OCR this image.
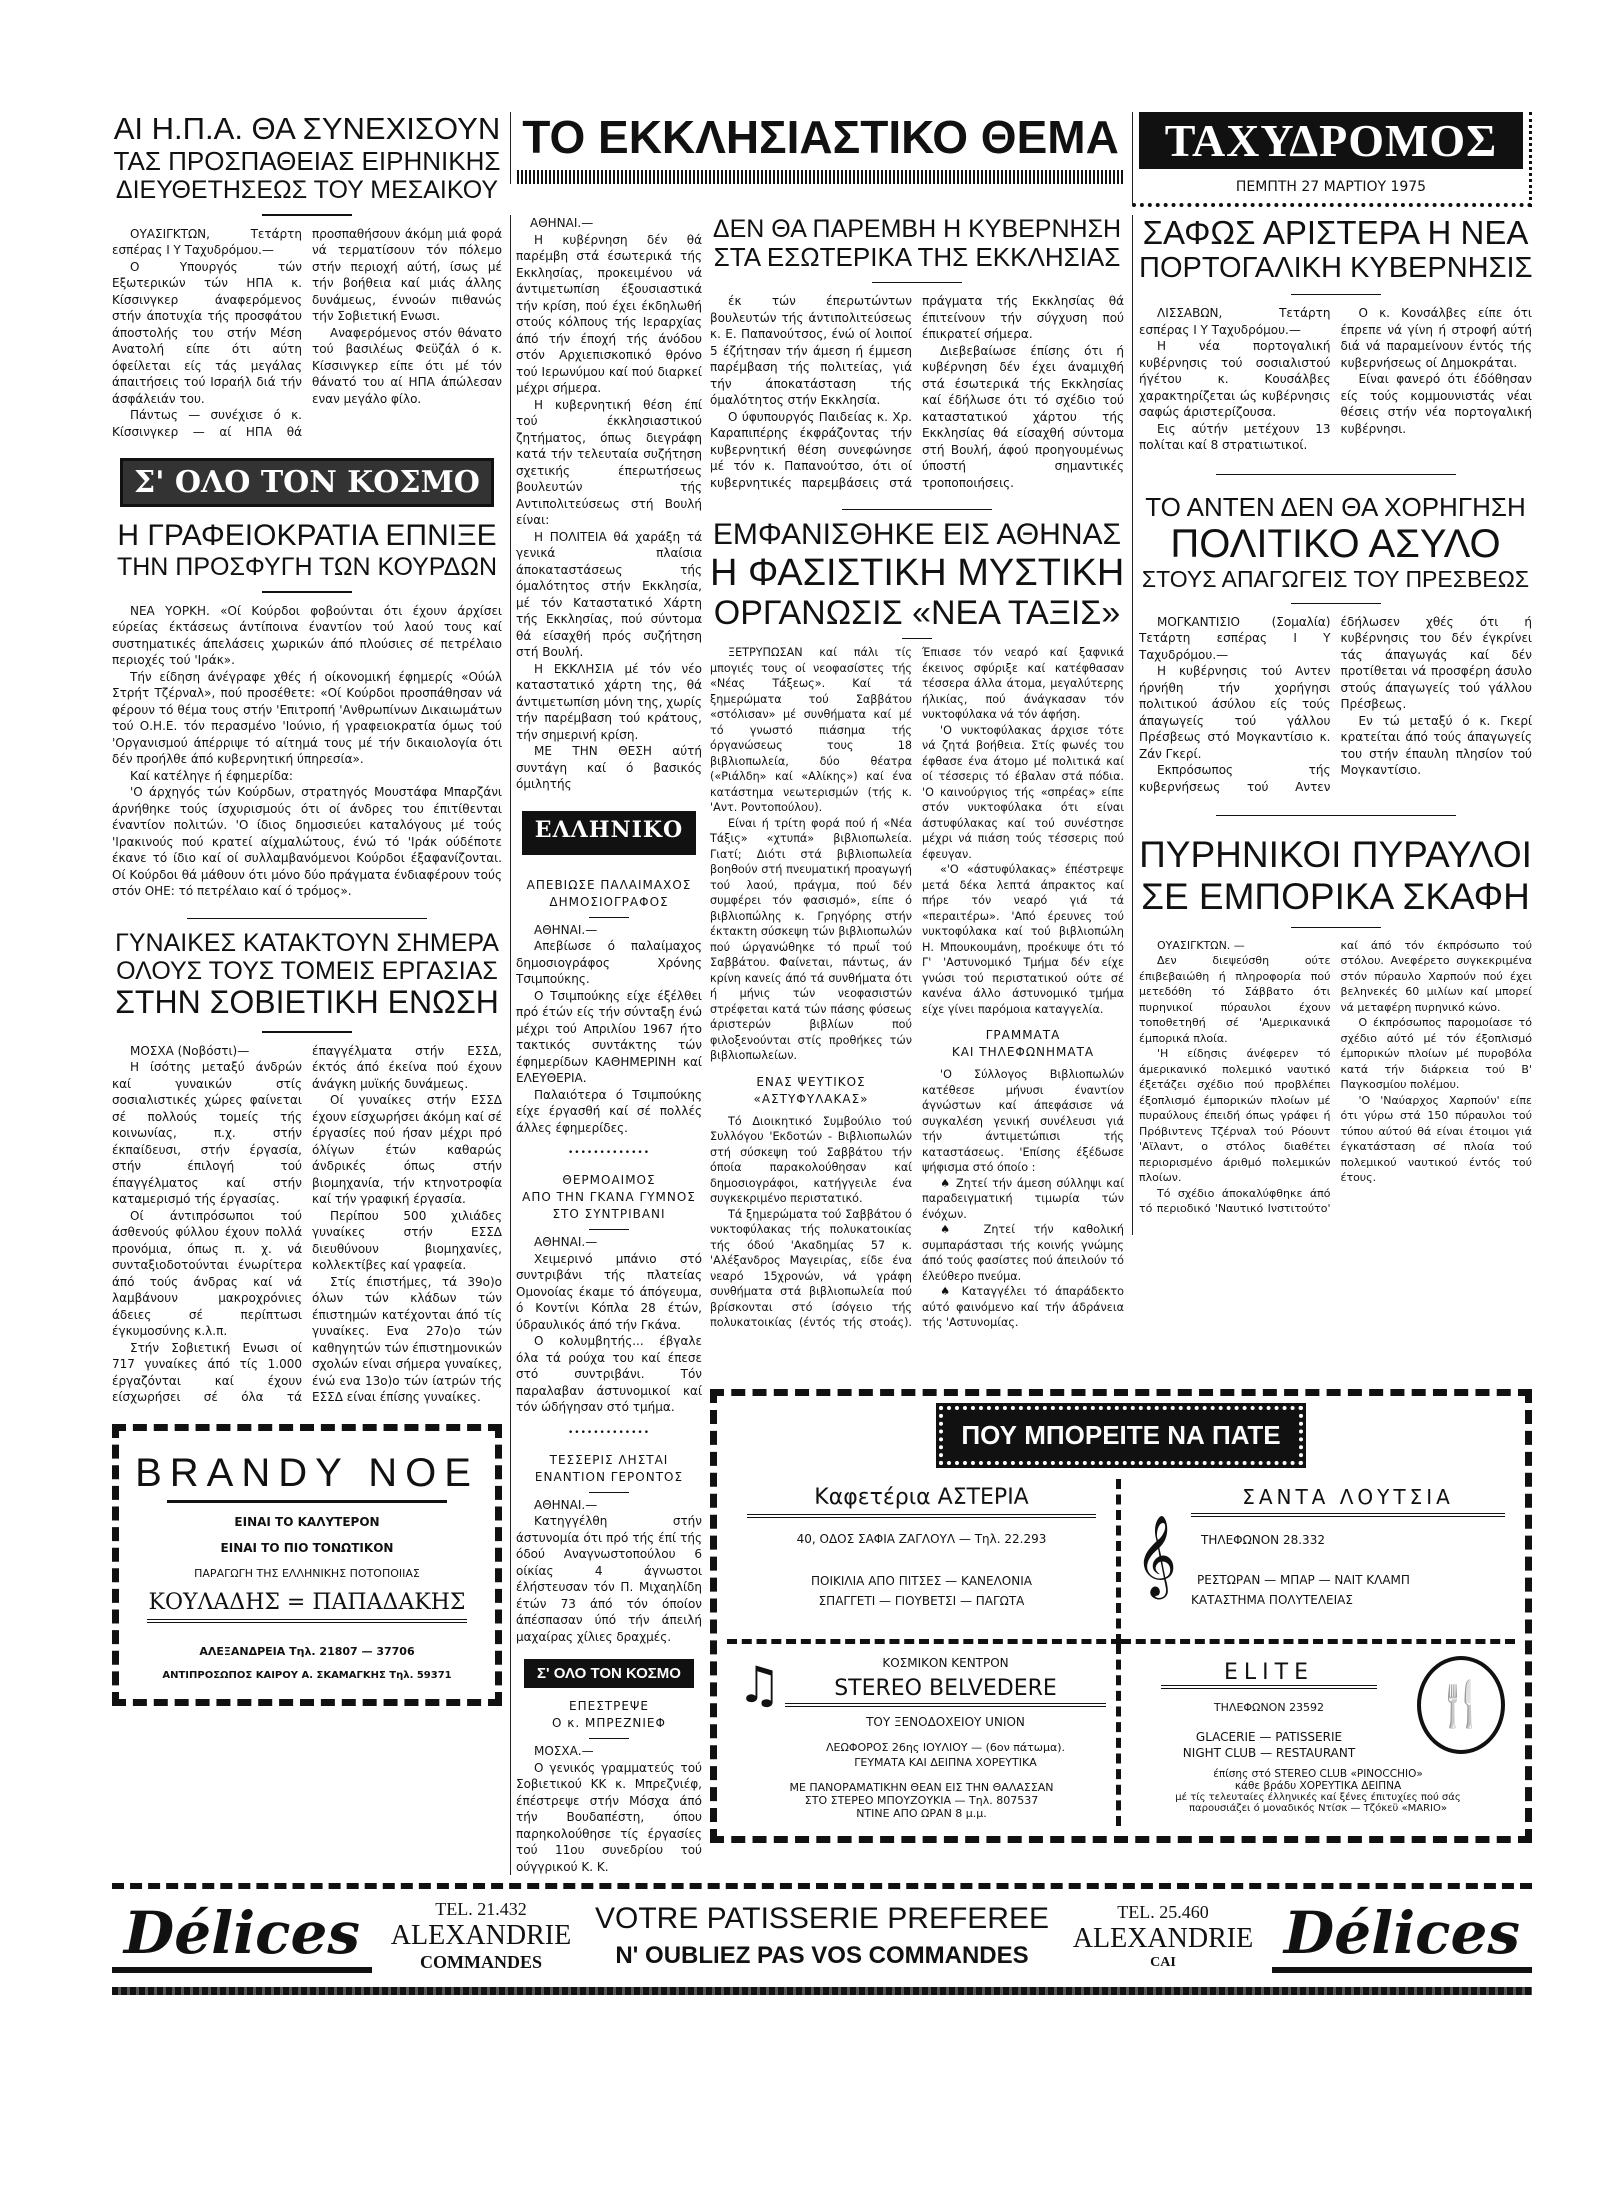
ΑΙ Η.Π.Α. ΘΑ ΣΥΝΕΧΙΣΟΥΝ
ΤΑΣ ΠΡΟΣΠΑΘΕΙΑΣ ΕΙΡΗΝΙΚΗΣ
ΔΙΕΥΘΕΤΗΣΕΩΣ ΤΟΥ ΜΕΣΑΙΚΟΥ

ΟΥΑΣΙΓΚΤΩΝ, Τετάρτη εσπέρας Ι Υ Ταχυδρόμου.—

Ο Υπουργός τών Εξωτερικών τών ΗΠΑ κ. Κίσσινγκερ άναφερόμενος στήν άποτυχία τής προσφάτου άποστολής του στήν Μέση Ανατολή είπε ότι αύτη όφείλεται είς τάς μεγάλας άπαιτήσεις τού Ισραήλ διά τήν άσφάλειάν του.

Πάντως — συνέχισε ό κ. Κίσσινγκερ — αί ΗΠΑ θά προσπαθήσουν άκόμη μιά φορά νά τερματίσουν τόν πόλεμο στήν περιοχή αύτή, ίσως μέ τήν βοήθεια καί μιάς άλλης δυνάμεως, έννοών πιθανώς τήν Σοβιετική Ενωσι.

Αναφερόμενος στόν θάνατο τού βασιλέως Φεϋζάλ ό κ. Κίσσινγκερ είπε ότι μέ τόν θάνατό του αί ΗΠΑ άπώλεσαν εναν μεγάλο φίλο.

Σ' ΟΛΟ ΤΟΝ ΚΟΣΜΟ
Η ΓΡΑΦΕΙΟΚΡΑΤΙΑ ΕΠΝΙΞΕ
ΤΗΝ ΠΡΟΣΦΥΓΗ ΤΩΝ ΚΟΥΡΔΩΝ

ΝΕΑ ΥΟΡΚΗ. «Οί Κούρδοι φοβούνται ότι έχουν άρχίσει εύρείας έκτάσεως άντίποινα έναντίον τού λαού τους καί συστηματικές άπελάσεις χωρικών άπό πλούσιες σέ πετρέλαιο περιοχές τού 'Ιράκ».

Τήν είδηση άνέγραφε χθές ή οίκονομική έφημερίς «Ούώλ Στρήτ Τζέρναλ», πού προσέθετε: «Οί Κούρδοι προσπάθησαν νά φέρουν τό θέμα τους στήν 'Επιτροπή 'Ανθρωπίνων Δικαιωμάτων τού Ο.Η.Ε. τόν περασμένο 'Ιούνιο, ή γραφειοκρατία όμως τού 'Οργανισμού άπέρριψε τό αίτημά τους μέ τήν δικαιολογία ότι δέν προήλθε άπό κυβερνητική ύπηρεσία».

Καί κατέληγε ή έφημερίδα:

'Ο άρχηγός τών Κούρδων, στρατηγός Μουστάφα Μπαρζάνι άρνήθηκε τούς ίσχυρισμούς ότι οί άνδρες του έπιτίθενται έναντίον πολιτών. 'Ο ίδιος δημοσιεύει καταλόγους μέ τούς 'Ιρακινούς πού κρατεί αίχμαλώτους, ένώ τό 'Ιράκ ούδέποτε έκανε τό ίδιο καί οί συλλαμβανόμενοι Κούρδοι έξαφανίζονται. Οί Κούρδοι θά μάθουν ότι μόνο δύο πράγματα ένδιαφέρουν τούς στόν ΟΗΕ: τό πετρέλαιο καί ό τρόμος».

ΓΥΝΑΙΚΕΣ ΚΑΤΑΚΤΟΥΝ ΣΗΜΕΡΑ
ΟΛΟΥΣ ΤΟΥΣ ΤΟΜΕΙΣ ΕΡΓΑΣΙΑΣ
ΣΤΗΝ ΣΟΒΙΕΤΙΚΗ ΕΝΩΣΗ

ΜΟΣΧΑ (Νοβόστι)—

Η ίσότης μεταξύ άνδρών καί γυναικών στίς σοσιαλιστικές χώρες φαίνεται σέ πολλούς τομείς τής κοινωνίας, π.χ. στήν έκπαίδευσι, στήν έργασία, στήν έπιλογή τού έπαγγέλματος καί στήν καταμερισμό τής έργασίας.

Οί άντιπρόσωποι τού άσθενούς φύλλου έχουν πολλά προνόμια, όπως π. χ. νά συνταξιοδοτούνται ένωρίτερα άπό τούς άνδρας καί νά λαμβάνουν μακροχρόνιες άδειες σέ περίπτωσι έγκυμοσύνης κ.λ.π.

Στήν Σοβιετική Ενωσι οί 717 γυναίκες άπό τίς 1.000 έργαζόνται καί έχουν είσχωρήσει σέ όλα τά έπαγγέλματα στήν ΕΣΣΔ, έκτός άπό έκείνα πού έχουν άνάγκη μυϊκής δυνάμεως.

Οί γυναίκες στήν ΕΣΣΔ έχουν είσχωρήσει άκόμη καί σέ έργασίες πού ήσαν μέχρι πρό όλίγων έτών καθαρώς άνδρικές όπως στήν βιομηχανία, τήν κτηνοτροφία καί τήν γραφική έργασία.

Περίπου 500 χιλιάδες γυναίκες στήν ΕΣΣΔ διευθύνουν βιομηχανίες, κολλεκτίβες καί γραφεία.

Στίς έπιστήμες, τά 39ο)ο όλων τών κλάδων τών έπιστημών κατέχονται άπό τίς γυναίκες. Ενα 27ο)ο τών καθηγητών τών έπιστημονικών σχολών είναι σήμερα γυναίκες, ένώ ενα 13ο)ο τών ίατρών τής ΕΣΣΔ είναι έπίσης γυναίκες.

BRANDY NOE
ΕΙΝΑΙ ΤΟ ΚΑΛΥΤΕΡΟΝ
ΕΙΝΑΙ ΤΟ ΠΙΟ ΤΟΝΩΤΙΚΟΝ
ΠΑΡΑΓΩΓΗ ΤΗΣ ΕΛΛΗΝΙΚΗΣ ΠΟΤΟΠΟΙΙΑΣ
ΚΟΥΛΑΔΗΣ = ΠΑΠΑΔΑΚΗΣ
ΑΛΕΞΑΝΔΡΕΙΑ Τηλ. 21807 — 37706
ΑΝΤΙΠΡΟΣΩΠΟΣ ΚΑΙΡΟΥ Α. ΣΚΑΜΑΓΚΗΣ Τηλ. 59371
ΤΟ ΕΚΚΛΗΣΙΑΣΤΙΚΟ ΘΕΜΑ ΤΑΧΥΔΡΟΜΟΣ
ΠΕΜΠΤΗ 27 ΜΑΡΤΙΟΥ 1975
ΑΘΗΝΑΙ.—

Η κυβέρνηση δέν θά παρέμβη στά έσωτερικά τής Εκκλησίας, προκειμένου νά άντιμετωπίση έξουσιαστικά τήν κρίση, πού έχει έκδηλωθή στούς κόλπους τής Ιεραρχίας άπό τήν έποχή τής άνόδου στόν Αρχιεπισκοπικό θρόνο τού Ιερωνύμου καί πού διαρκεί μέχρι σήμερα.

Η κυβερνητική θέση έπί τού έκκλησιαστικού ζητήματος, όπως διεγράφη κατά τήν τελευταία συζήτηση σχετικής έπερωτήσεως βουλευτών τής Αντιπολιτεύσεως στή Βουλή είναι:

Η ΠΟΛΙΤΕΙΑ θά χαράξη τά γενικά πλαίσια άποκαταστάσεως τής όμαλότητος στήν Εκκλησία, μέ τόν Καταστατικό Χάρτη τής Εκκλησίας, πού σύντομα θά είσαχθή πρός συζήτηση στή Βουλή.

Η ΕΚΚΛΗΣΙΑ μέ τόν νέο καταστατικό χάρτη της, θά άντιμετωπίση μόνη της, χωρίς τήν παρέμβαση τού κράτους, τήν σημερινή κρίση.

ΜΕ ΤΗΝ ΘΕΣΗ αύτή συντάγη καί ό βασικός όμιλητής

ΕΛΛΗΝΙΚΟ
ΑΠΕΒΙΩΣΕ ΠΑΛΑΙΜΑΧΟΣ
ΔΗΜΟΣΙΟΓΡΑΦΟΣ

ΑΘΗΝΑΙ.—

Απεβίωσε ό παλαίμαχος δημοσιογράφος Χρόνης Τσιμπούκης.

Ο Τσιμπούκης είχε έξέλθει πρό έτών είς τήν σύνταξη ένώ μέχρι τού Απριλίου 1967 ήτο τακτικός συντάκτης τών έφημερίδων ΚΑΘΗΜΕΡΙΝΗ καί ΕΛΕΥΘΕΡΙΑ.

Παλαιότερα ό Τσιμπούκης είχε έργασθή καί σέ πολλές άλλες έφημερίδες.

•••••••••••••
ΘΕΡΜΟΑΙΜΟΣ
ΑΠΟ ΤΗΝ ΓΚΑΝΑ ΓΥΜΝΟΣ
ΣΤΟ ΣΥΝΤΡΙΒΑΝΙ

ΑΘΗΝΑΙ.—

Χειμερινό μπάνιο στό συντριβάνι τής πλατείας Ομονοίας έκαμε τό άπόγευμα, ό Κοντίνι Κόπλα 28 έτών, ύδραυλικός άπό τήν Γκάνα.

Ο κολυμβητής... έβγαλε όλα τά ρούχα του καί έπεσε στό συντριβάνι. Τόν παραλαβαν άστυνομικοί καί τόν ώδήγησαν στό τμήμα.

•••••••••••••
ΤΕΣΣΕΡΙΣ ΛΗΣΤΑΙ
ΕΝΑΝΤΙΟΝ ΓΕΡΟΝΤΟΣ

ΑΘΗΝΑΙ.—

Κατηγγέλθη στήν άστυνομία ότι πρό τής έπί τής όδού Αναγνωστοπούλου 6 οίκίας 4 άγνωστοι έλήστευσαν τόν Π. Μιχαηλίδη έτών 73 άπό τόν όποίον άπέσπασαν ύπό τήν άπειλή μαχαίρας χίλιες δραχμές.

Σ' ΟΛΟ ΤΟΝ ΚΟΣΜΟ
ΕΠΕΣΤΡΕΨΕ
Ο κ. ΜΠΡΕΖΝΙΕΦ

ΜΟΣΧΑ.—

Ο γενικός γραμματεύς τού Σοβιετικού ΚΚ κ. Μπρεζνιέφ, έπέστρεψε στήν Μόσχα άπό τήν Βουδαπέστη, όπου παρηκολούθησε τίς έργασίες τού 11ου συνεδρίου τού ούγγρικού Κ. Κ.

ΔΕΝ ΘΑ ΠΑΡΕΜΒΗ Η ΚΥΒΕΡΝΗΣΗ
ΣΤΑ ΕΣΩΤΕΡΙΚΑ ΤΗΣ ΕΚΚΛΗΣΙΑΣ

έκ τών έπερωτώντων βουλευτών τής άντιπολιτεύσεως κ. Ε. Παπανούτσος, ένώ οί λοιποί 5 έζήτησαν τήν άμεση ή έμμεση παρέμβαση τής πολιτείας, γιά τήν άποκατάσταση τής όμαλότητος στήν Εκκλησία.

Ο ύφυπουργός Παιδείας κ. Χρ. Καραπιπέρης έκφράζοντας τήν κυβερνητική θέση συνεφώνησε μέ τόν κ. Παπανούτσο, ότι οί κυβερνητικές παρεμβάσεις στά πράγματα τής Εκκλησίας θά έπιτείνουν τήν σύγχυση πού έπικρατεί σήμερα.

Διεβεβαίωσε έπίσης ότι ή κυβέρνηση δέν έχει άναμιχθή στά έσωτερικά τής Εκκλησίας καί έδήλωσε ότι τό σχέδιο τού καταστατικού χάρτου τής Εκκλησίας θά είσαχθή σύντομα στή Βουλή, άφού προηγουμένως ύποστή σημαντικές τροποποιήσεις.

ΕΜΦΑΝΙΣΘΗΚΕ ΕΙΣ ΑΘΗΝΑΣ
Η ΦΑΣΙΣΤΙΚΗ ΜΥΣΤΙΚΗ
ΟΡΓΑΝΩΣΙΣ «ΝΕΑ ΤΑΞΙΣ»

ΞΕΤΡΥΠΩΣΑΝ καί πάλι τίς μπογιές τους οί νεοφασίστες τής «Νέας Τάξεως». Καί τά ξημερώματα τού Σαββάτου «στόλισαν» μέ συνθήματα καί μέ τό γνωστό πιάσημα τής όργανώσεως τους 18 βιβλιοπωλεία, δύο θέατρα («Ριάλδη» καί «Αλίκης») καί ένα κατάστημα νεωτερισμών (τής κ. 'Αντ. Ροντοπούλου).

Είναι ή τρίτη φορά πού ή «Νέα Τάξις» «χτυπά» βιβλιοπωλεία. Γιατί; Διότι στά βιβλιοπωλεία βοηθούν στή πνευματική προαγωγή τού λαού, πράγμα, πού δέν συμφέρει τόν φασισμό», είπε ό βιβλιοπώλης κ. Γρηγόρης στήν έκτακτη σύσκεψη τών βιβλιοπωλών πού ώργανώθηκε τό πρωΐ τού Σαββάτου. Φαίνεται, πάντως, άν κρίνη κανείς άπό τά συνθήματα ότι ή μήνις τών νεοφασιστών στρέφεται κατά τών πάσης φύσεως άριστερών βιβλίων πού φιλοξενούνται στίς προθήκες τών βιβλιοπωλείων.

ΕΝΑΣ ΨΕΥΤΙΚΟΣ
«ΑΣΤΥΦΥΛΑΚΑΣ»

Τό Διοικητικό Συμβούλιο τού Συλλόγου 'Εκδοτών - Βιβλιοπωλών στή σύσκεψη τού Σαββάτου τήν όποία παρακολούθησαν καί δημοσιογράφοι, κατήγγειλε ένα συγκεκριμένο περιστατικό.

Τά ξημερώματα τού Σαββάτου ό νυκτοφύλακας τής πολυκατοικίας τής όδού 'Ακαδημίας 57 κ. 'Αλέξανδρος Μαγειρίας, είδε ένα νεαρό 15χρονών, νά γράφη συνθήματα στά βιβλιοπωλεία πού βρίσκονται στό ίσόγειο τής πολυκατοικίας (έντός τής στοάς). Έπιασε τόν νεαρό καί ξαφνικά έκεινος σφύριξε καί κατέφθασαν τέσσερα άλλα άτομα, μεγαλύτερης ήλικίας, πού άνάγκασαν τόν νυκτοφύλακα νά τόν άφήση.

'Ο νυκτοφύλακας άρχισε τότε νά ζητά βοήθεια. Στίς φωνές του έφθασε ένα άτομο μέ πολιτικά καί οί τέσσερις τό έβαλαν στά πόδια. 'Ο καινούργιος τής «σπρέας» είπε στόν νυκτοφύλακα ότι είναι άστυφύλακας καί τού συνέστησε μέχρι νά πιάση τούς τέσσερις πού έφευγαν.

«'Ο «άστυφύλακας» έπέστρεψε μετά δέκα λεπτά άπρακτος καί πήρε τόν νεαρό γιά τά «περαιτέρω». 'Από έρευνες τού νυκτοφύλακα καί τού βιβλιοπώλη Η. Μπουκουμάνη, προέκυψε ότι τό Γ' 'Αστυνομικό Τμήμα δέν είχε γνώσι τού περιστατικού ούτε σέ κανένα άλλο άστυνομικό τμήμα είχε γίνει παρόμοια καταγγελία.

ΓΡΑΜΜΑΤΑ
ΚΑΙ ΤΗΛΕΦΩΝΗΜΑΤΑ

'Ο Σύλλογος Βιβλιοπωλών κατέθεσε μήνυσι έναντίον άγνώστων καί άπεφάσισε νά συγκαλέση γενική συνέλευσι γιά τήν άντιμετώπισι τής καταστάσεως. 'Επίσης έξέδωσε ψήφισμα στό όποίο :

♠ Ζητεί τήν άμεση σύλληψι καί παραδειγματική τιμωρία τών ένόχων.

♠ Ζητεί τήν καθολική συμπαράστασι τής κοινής γνώμης άπό τούς φασίστες πού άπειλούν τό έλεύθερο πνεύμα.

♠ Καταγγέλει τό άπαράδεκτο αύτό φαινόμενο καί τήν άδράνεια τής 'Αστυνομίας.

ΣΑΦΩΣ ΑΡΙΣΤΕΡΑ Η ΝΕΑ
ΠΟΡΤΟΓΑΛΙΚΗ ΚΥΒΕΡΝΗΣΙΣ

ΛΙΣΣΑΒΩΝ, Τετάρτη εσπέρας Ι Υ Ταχυδρόμου.—

Η νέα πορτογαλική κυβέρνησις τού σοσιαλιστού ήγέτου κ. Κουσάλβες χαρακτηρίζεται ώς κυβέρνησις σαφώς άριστερίζουσα.

Εις αύτήν μετέχουν 13 πολίται καί 8 στρατιωτικοί.

Ο κ. Κονσάλβες είπε ότι έπρεπε νά γίνη ή στροφή αύτή διά νά παραμείνουν έντός τής κυβερνήσεως οί Δημοκράται.

Είναι φανερό ότι έδόθησαν είς τούς κομμουνιστάς νέαι θέσεις στήν νέα πορτογαλική κυβέρνησι.

ΤΟ ΑΝΤΕΝ ΔΕΝ ΘΑ ΧΟΡΗΓΗΣΗ
ΠΟΛΙΤΙΚΟ ΑΣΥΛΟ
ΣΤΟΥΣ ΑΠΑΓΩΓΕΙΣ ΤΟΥ ΠΡΕΣΒΕΩΣ

ΜΟΓΚΑΝΤΙΣΙΟ (Σομαλία) Τετάρτη εσπέρας Ι Υ Ταχυδρόμου.—

Η κυβέρνησις τού Αντεν ήρνήθη τήν χορήγησι πολιτικού άσύλου είς τούς άπαγωγείς τού γάλλου Πρέσβεως στό Μογκαντίσιο κ. Ζάν Γκερί.

Εκπρόσωπος τής κυβερνήσεως τού Αντεν έδήλωσεν χθές ότι ή κυβέρνησις του δέν έγκρίνει τάς άπαγωγάς καί δέν προτίθεται νά προσφέρη άσυλο στούς άπαγωγείς τού γάλλου Πρέσβεως.

Εν τώ μεταξύ ό κ. Γκερί κρατείται άπό τούς άπαγωγείς του στήν έπαυλη πλησίον τού Μογκαντίσιο.

ΠΥΡΗΝΙΚΟΙ ΠΥΡΑΥΛΟΙ
ΣΕ ΕΜΠΟΡΙΚΑ ΣΚΑΦΗ

ΟΥΑΣΙΓΚΤΩΝ. —

Δεν διεψεύσθη ούτε έπιβεβαιώθη ή πληροφορία πού μετεδόθη τό Σάββατο ότι πυρηνικοί πύραυλοι έχουν τοποθετηθή σέ 'Αμερικανικά έμπορικά πλοία.

'Η είδησις άνέφερεν τό άμερικανικό πολεμικό ναυτικό έξετάζει σχέδιο πού προβλέπει έξοπλισμό έμπορικών πλοίων μέ πυραύλους έπειδή όπως γράφει ή Πρόβιντενς Τζέρναλ τού Ρόουντ 'Αϊλαντ, ο στόλος διαθέτει περιορισμένο άριθμό πολεμικών πλοίων.

Τό σχέδιο άποκαλύφθηκε άπό τό περιοδικό 'Ναυτικό Ινστιτούτο' καί άπό τόν έκπρόσωπο τού στόλου. Ανεφέρετο συγκεκριμένα στόν πύραυλο Χαρπούν πού έχει βεληνεκές 60 μιλίων καί μπορεί νά μεταφέρη πυρηνικό κώνο.

Ο έκπρόσωπος παρομοίασε τό σχέδιο αύτό μέ τόν έξοπλισμό έμπορικών πλοίων μέ πυροβόλα κατά τήν διάρκεια τού Β' Παγκοσμίου πολέμου.

'Ο 'Ναύαρχος Χαρπούν' είπε ότι γύρω στά 150 πύραυλοι τού τύπου αύτού θά είναι έτοιμοι γιά έγκατάσταση σέ πλοία τού πολεμικού ναυτικού έντός τού έτους.

ΠΟΥ ΜΠΟΡΕΙΤΕ ΝΑ ΠΑΤΕ
Καφετέρια ΑΣΤΕΡΙΑ
40, ΟΔΟΣ ΣΑΦΙΑ ΖΑΓΛΟΥΛ — Τηλ. 22.293
ΠΟΙΚΙΛΙΑ ΑΠΟ ΠΙΤΣΕΣ — ΚΑΝΕΛΟΝΙΑ
ΣΠΑΓΓΕΤΙ — ΓΙΟΥΒΕΤΣΙ — ΠΑΓΩΤΑ
𝄞
ΣΑΝΤΑ ΛΟΥΤΣΙΑ
ΤΗΛΕΦΩΝΟΝ 28.332
ΡΕΣΤΩΡΑΝ — ΜΠΑΡ — ΝΑΙΤ ΚΛΑΜΠ
ΚΑΤΑΣΤΗΜΑ ΠΟΛΥΤΕΛΕΙΑΣ
♫	ΚΟΣΜΙΚΟΝ ΚΕΝΤΡΟΝ
STEREO BELVEDERE
ΤΟΥ ΞΕΝΟΔΟΧΕΙΟΥ UNION
ΛΕΩΦΟΡΟΣ 26ης ΙΟΥΛΙΟΥ — (6ον πάτωμα).
ΓΕΥΜΑΤΑ ΚΑΙ ΔΕΙΠΝΑ ΧΟΡΕΥΤΙΚΑ
ΜΕ ΠΑΝΟΡΑΜΑΤΙΚΗΝ ΘΕΑΝ ΕΙΣ ΤΗΝ ΘΑΛΑΣΣΑΝ
ΣΤΟ ΣΤΕΡΕΟ ΜΠΟΥΖΟΥΚΙΑ — Τηλ. 807537
ΝΤΙΝΕ ΑΠΟ ΩΡΑΝ 8 μ.μ.
ELITE
ΤΗΛΕΦΩΝΟΝ 23592
GLACERIE — PATISSERIE
NIGHT CLUB — RESTAURANT
🍴
έπίσης στό STEREO CLUB «PINOCCHIO»
κάθε βράδυ ΧΟΡΕΥΤΙΚΑ ΔΕΙΠΝΑ
μέ τίς τελευταίες έλληνικές καί ξένες έπιτυχίες πού σάς
παρουσιάζει ό μοναδικός Ντίσκ — Τζόκεϋ «MARIO»
Délices	TEL. 21.432
ALEXANDRIE
COMMANDES
VOTRE PATISSERIE PREFEREE
N' OUBLIEZ PAS VOS COMMANDES
TEL. 25.460
ALEXANDRIE
CAI	Délices
